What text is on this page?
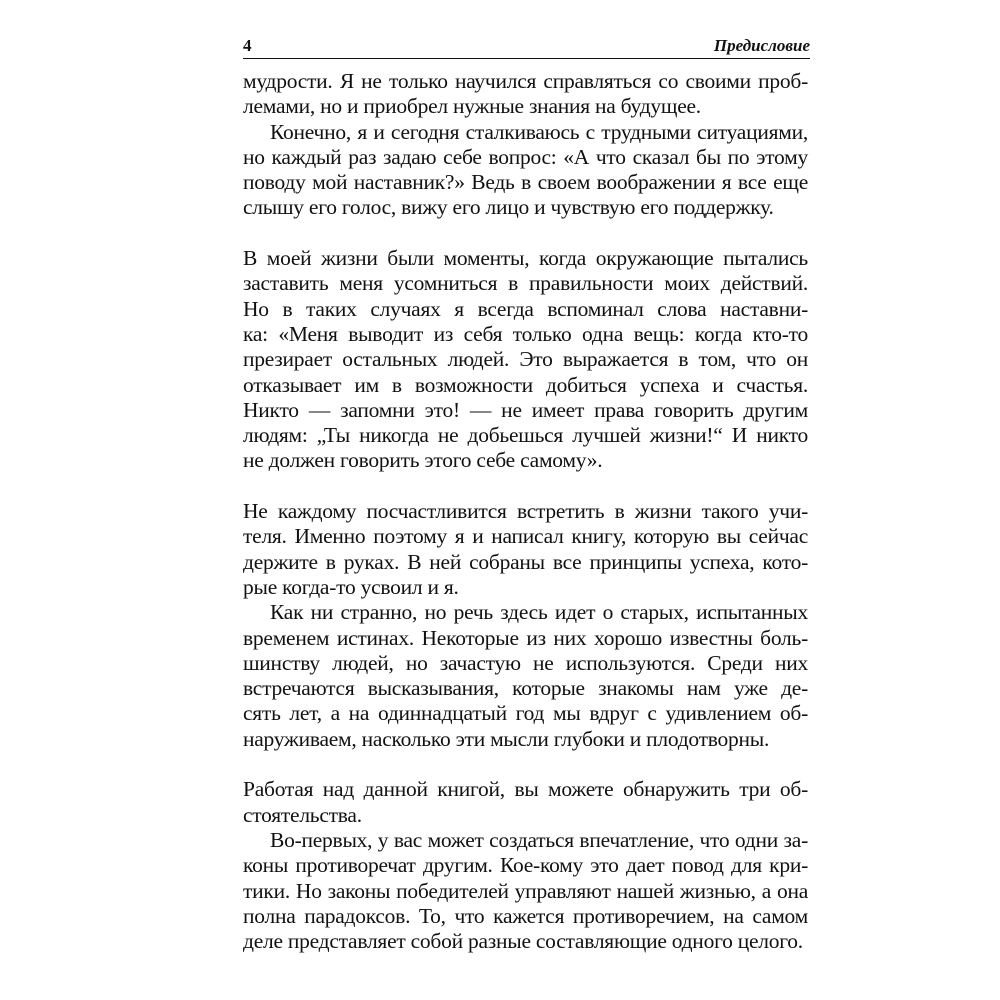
4	Предисловие
мудрости. Я не только научился справляться со своими проб-
лемами, но и приобрел нужные знания на будущее.
Конечно, я и сегодня сталкиваюсь с трудными ситуациями,
но каждый раз задаю себе вопрос: «А что сказал бы по этому
поводу мой наставник?» Ведь в своем воображении я все еще
слышу его голос, вижу его лицо и чувствую его поддержку.
В моей жизни были моменты, когда окружающие пытались
заставить меня усомниться в правильности моих действий.
Но в таких случаях я всегда вспоминал слова наставни-
ка: «Меня выводит из себя только одна вещь: когда кто-то
презирает остальных людей. Это выражается в том, что он
отказывает им в возможности добиться успеха и счастья.
Никто — запомни это! — не имеет права говорить другим
людям: „Ты никогда не добьешься лучшей жизни!“ И никто
не должен говорить этого себе самому».
Не каждому посчастливится встретить в жизни такого учи-
теля. Именно поэтому я и написал книгу, которую вы сейчас
держите в руках. В ней собраны все принципы успеха, кото-
рые когда-то усвоил и я.
Как ни странно, но речь здесь идет о старых, испытанных
временем истинах. Некоторые из них хорошо известны боль-
шинству людей, но зачастую не используются. Среди них
встречаются высказывания, которые знакомы нам уже де-
сять лет, а на одиннадцатый год мы вдруг с удивлением об-
наруживаем, насколько эти мысли глубоки и плодотворны.
Работая над данной книгой, вы можете обнаружить три об-
стоятельства.
Во-первых, у вас может создаться впечатление, что одни за-
коны противоречат другим. Кое-кому это дает повод для кри-
тики. Но законы победителей управляют нашей жизнью, а она
полна парадоксов. То, что кажется противоречием, на самом
деле представляет собой разные составляющие одного целого.
